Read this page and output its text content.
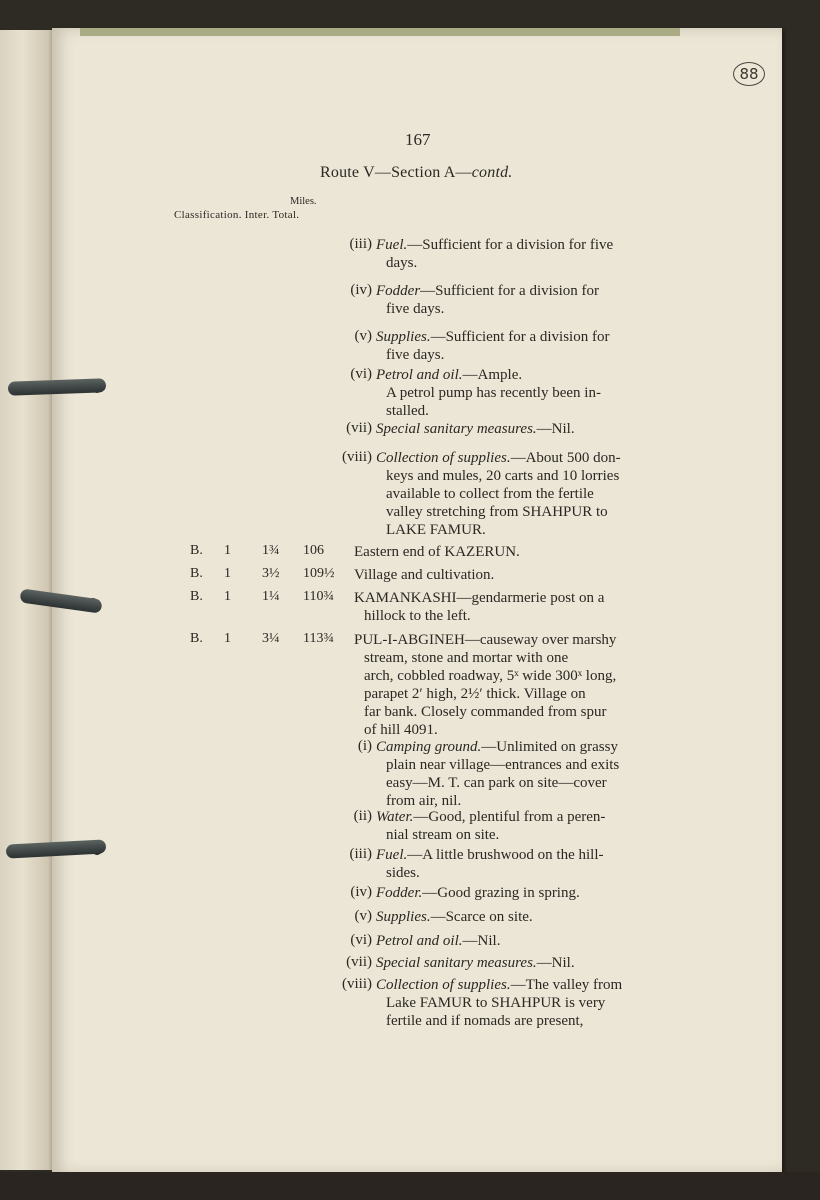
88
167
Route V—Section A—contd.
Miles.
Classification. Inter. Total.
(iii) Fuel.—Sufficient for a division for five
days.
(iv) Fodder—Sufficient for a division for
five days.
(v) Supplies.—Sufficient for a division for
five days.
(vi) Petrol and oil.—Ample.
A petrol pump has recently been in-
stalled.
(vii) Special sanitary measures.—Nil.
(viii) Collection of supplies.—About 500 don-
keys and mules, 20 carts and 10 lorries
available to collect from the fertile
valley stretching from SHAHPUR to
LAKE FAMUR.
B. 1 1¾ 106 Eastern end of KAZERUN.
B. 1 3½ 109½ Village and cultivation.
B. 1 1¼ 110¾ KAMANKASHI—gendarmerie post on a
hillock to the left.
B. 1 3¼ 113¾ PUL-I-ABGINEH—causeway over marshy
stream, stone and mortar with one
arch, cobbled roadway, 5ˣ wide 300ˣ long,
parapet 2′ high, 2½′ thick. Village on
far bank. Closely commanded from spur
of hill 4091.
(i) Camping ground.—Unlimited on grassy
plain near village—entrances and exits
easy—M. T. can park on site—cover
from air, nil.
(ii) Water.—Good, plentiful from a peren-
nial stream on site.
(iii) Fuel.—A little brushwood on the hill-
sides.
(iv) Fodder.—Good grazing in spring.
(v) Supplies.—Scarce on site.
(vi) Petrol and oil.—Nil.
(vii) Special sanitary measures.—Nil.
(viii) Collection of supplies.—The valley from
Lake FAMUR to SHAHPUR is very
fertile and if nomads are present,
